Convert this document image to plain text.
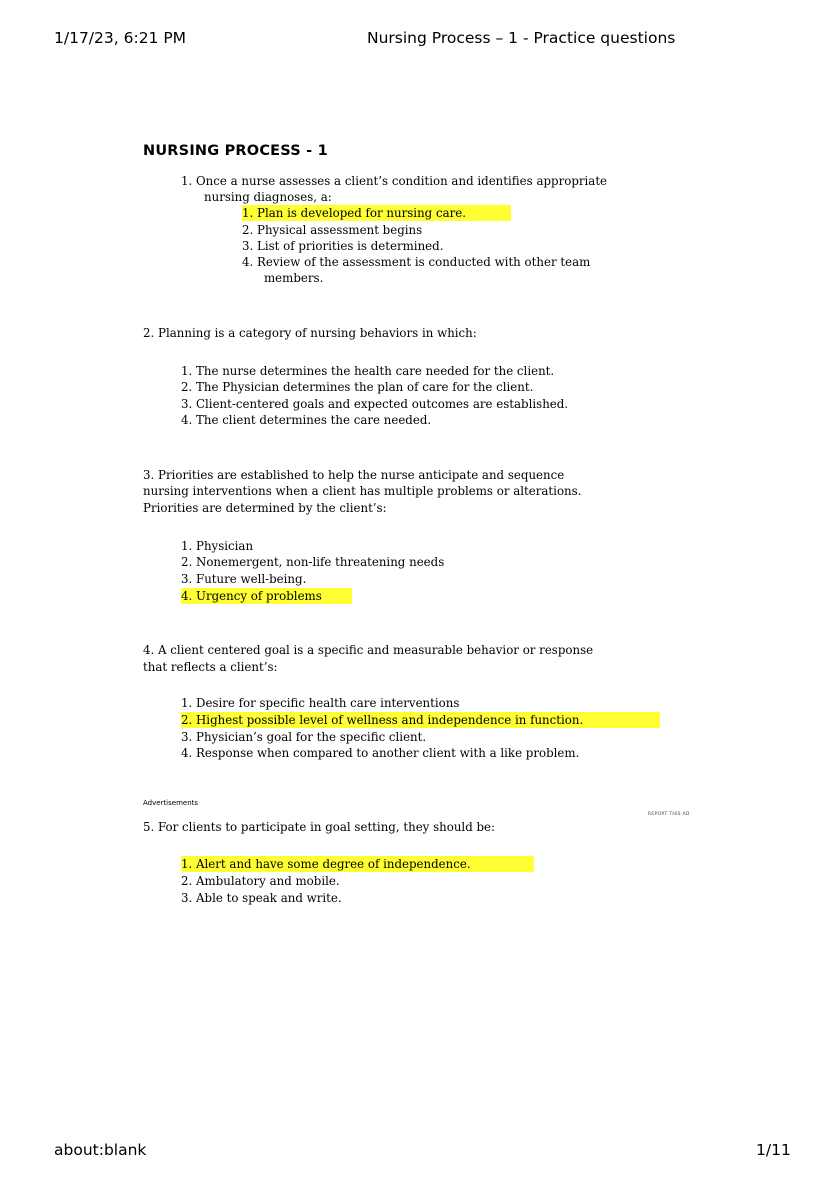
1/17/23, 6:21 PM	Nursing Process – 1 - Practice questions
NURSING PROCESS - 1
1. Once a nurse assesses a client’s condition and identifies appropriate
nursing diagnoses, a:
1. Plan is developed for nursing care.
2. Physical assessment begins
3. List of priorities is determined.
4. Review of the assessment is conducted with other team
members.
2. Planning is a category of nursing behaviors in which:
1. The nurse determines the health care needed for the client.
2. The Physician determines the plan of care for the client.
3. Client-centered goals and expected outcomes are established.
4. The client determines the care needed.
3. Priorities are established to help the nurse anticipate and sequence
nursing interventions when a client has multiple problems or alterations.
Priorities are determined by the client’s:
1. Physician
2. Nonemergent, non-life threatening needs
3. Future well-being.
4. Urgency of problems
4. A client centered goal is a specific and measurable behavior or response
that reflects a client’s:
1. Desire for specific health care interventions
2. Highest possible level of wellness and independence in function.
3. Physician’s goal for the specific client.
4. Response when compared to another client with a like problem.
Advertisements
REPORT THIS AD
5. For clients to participate in goal setting, they should be:
1. Alert and have some degree of independence.
2. Ambulatory and mobile.
3. Able to speak and write.
about:blank	1/11
